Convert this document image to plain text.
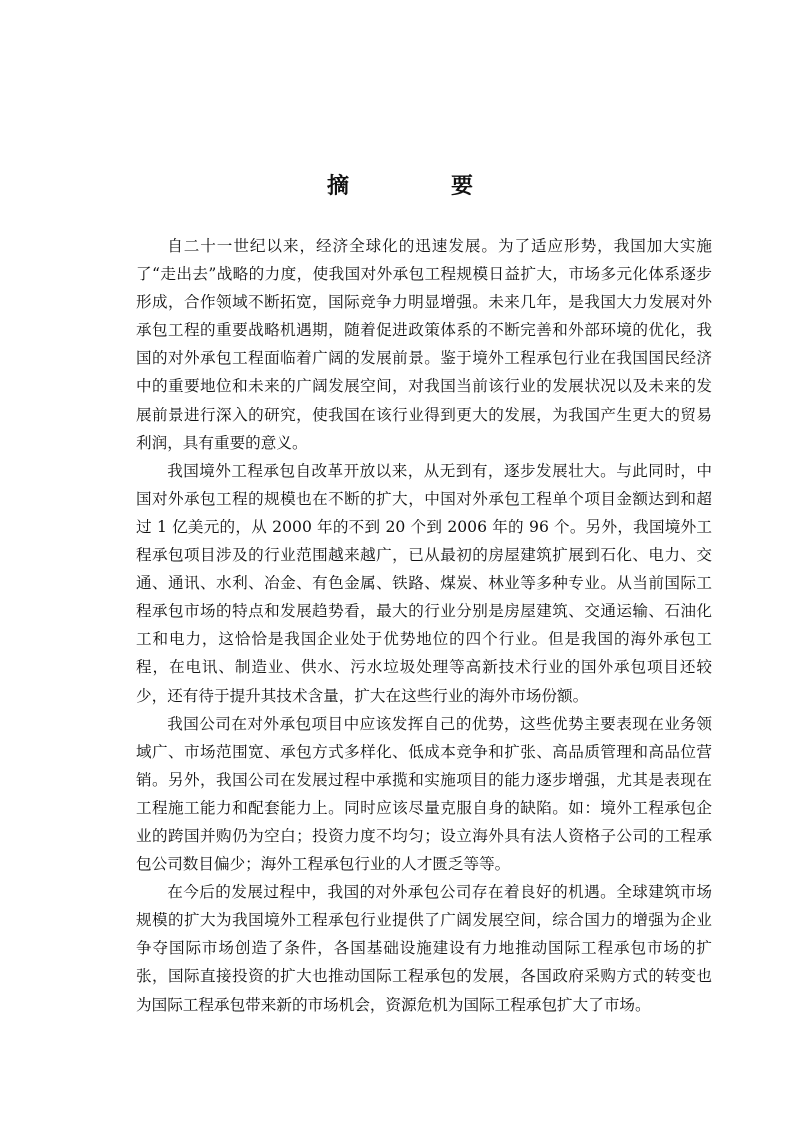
摘　要

自二十一世纪以来，经济全球化的迅速发展。为了适应形势，我国加大实施了“走出去”战略的力度，使我国对外承包工程规模日益扩大，市场多元化体系逐步形成，合作领域不断拓宽，国际竞争力明显增强。未来几年，是我国大力发展对外承包工程的重要战略机遇期，随着促进政策体系的不断完善和外部环境的优化，我国的对外承包工程面临着广阔的发展前景。鉴于境外工程承包行业在我国国民经济中的重要地位和未来的广阔发展空间，对我国当前该行业的发展状况以及未来的发展前景进行深入的研究，使我国在该行业得到更大的发展，为我国产生更大的贸易利润，具有重要的意义。

我国境外工程承包自改革开放以来，从无到有，逐步发展壮大。与此同时，中国对外承包工程的规模也在不断的扩大，中国对外承包工程单个项目金额达到和超过 1 亿美元的，从 2000 年的不到 20 个到 2006 年的 96 个。另外，我国境外工程承包项目涉及的行业范围越来越广，已从最初的房屋建筑扩展到石化、电力、交通、通讯、水利、冶金、有色金属、铁路、煤炭、林业等多种专业。从当前国际工程承包市场的特点和发展趋势看，最大的行业分别是房屋建筑、交通运输、石油化工和电力，这恰恰是我国企业处于优势地位的四个行业。但是我国的海外承包工程，在电讯、制造业、供水、污水垃圾处理等高新技术行业的国外承包项目还较少，还有待于提升其技术含量，扩大在这些行业的海外市场份额。

我国公司在对外承包项目中应该发挥自己的优势，这些优势主要表现在业务领域广、市场范围宽、承包方式多样化、低成本竞争和扩张、高品质管理和高品位营销。另外，我国公司在发展过程中承揽和实施项目的能力逐步增强，尤其是表现在工程施工能力和配套能力上。同时应该尽量克服自身的缺陷。如：境外工程承包企业的跨国并购仍为空白；投资力度不均匀；设立海外具有法人资格子公司的工程承包公司数目偏少；海外工程承包行业的人才匮乏等等。

在今后的发展过程中，我国的对外承包公司存在着良好的机遇。全球建筑市场规模的扩大为我国境外工程承包行业提供了广阔发展空间，综合国力的增强为企业争夺国际市场创造了条件，各国基础设施建设有力地推动国际工程承包市场的扩张，国际直接投资的扩大也推动国际工程承包的发展，各国政府采购方式的转变也为国际工程承包带来新的市场机会，资源危机为国际工程承包扩大了市场。
